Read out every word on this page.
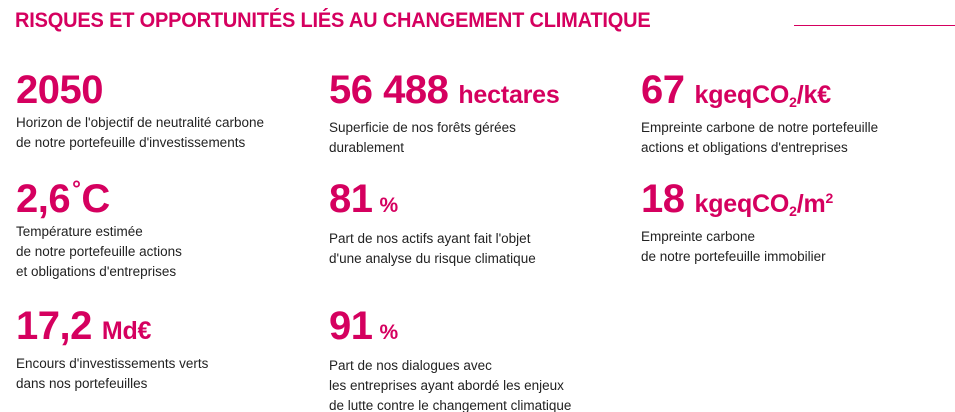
RISQUES ET OPPORTUNITÉS LIÉS AU CHANGEMENT CLIMATIQUE
2050
Horizon de l'objectif de neutralité carbone
de notre portefeuille d'investissements
56 488 hectares
Superficie de nos forêts gérées
durablement
67 kgeqCO$_2$/k€
Empreinte carbone de notre portefeuille
actions et obligations d'entreprises
2,6°C
Température estimée
de notre portefeuille actions
et obligations d'entreprises
81 %
Part de nos actifs ayant fait l'objet
d'une analyse du risque climatique
18 $kgeqCO_2/m^2$
Empreinte carbone
de notre portefeuille immobilier
17,2 Md€
Encours d'investissements verts
dans nos portefeuilles
91 %
Part de nos dialogues avec
les entreprises ayant abordé les enjeux
de lutte contre le changement climatique
